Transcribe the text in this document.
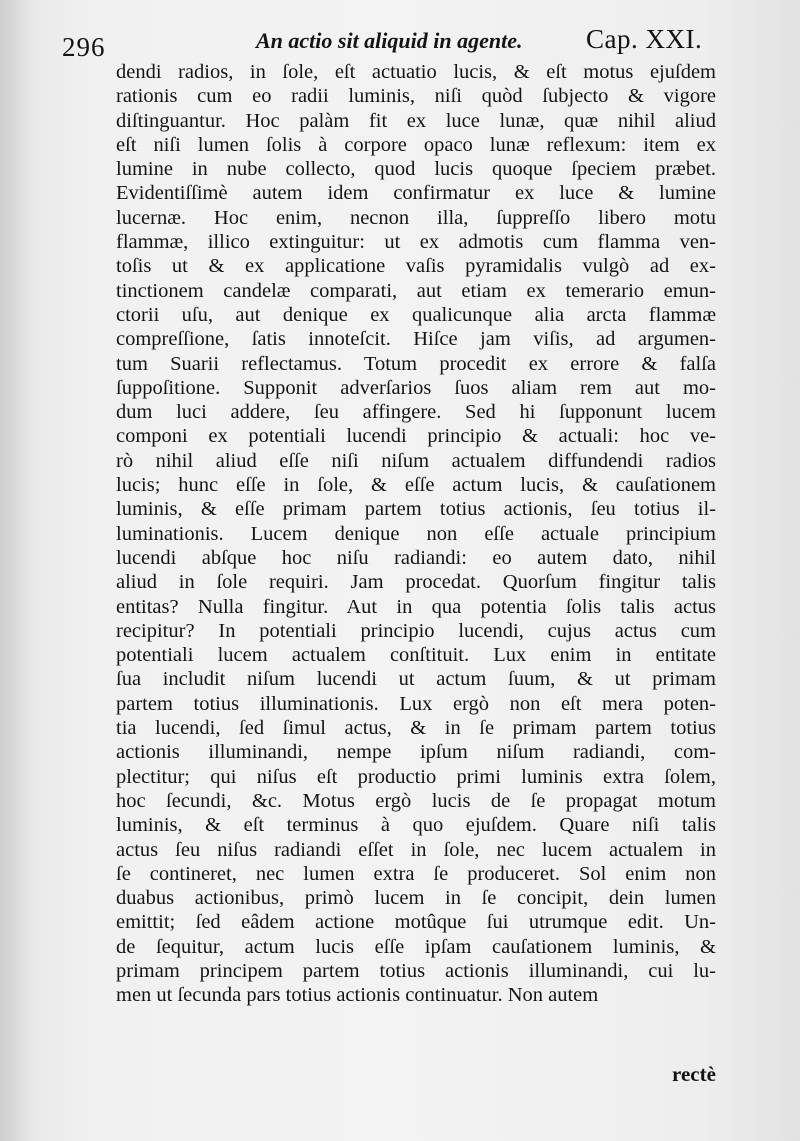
296	An actio sit aliquid in agente. Cap. XXI.
dendi radios, in ſole, eſt actuatio lucis, & eſt motus ejuſdem
rationis cum eo radii luminis, niſi quòd ſubjecto & vigore
diſtinguantur. Hoc palàm fit ex luce lunæ, quæ nihil aliud
eſt niſi lumen ſolis à corpore opaco lunæ reflexum: item ex
lumine in nube collecto, quod lucis quoque ſpeciem præbet.
Evidentiſſimè autem idem confirmatur ex luce & lumine
lucernæ. Hoc enim, necnon illa, ſuppreſſo libero motu
flammæ, illico extinguitur: ut ex admotis cum flamma ven-
toſis ut & ex applicatione vaſis pyramidalis vulgò ad ex-
tinctionem candelæ comparati, aut etiam ex temerario emun-
ctorii uſu, aut denique ex qualicunque alia arcta flammæ
compreſſione, ſatis innoteſcit. Hiſce jam viſis, ad argumen-
tum Suarii reflectamus. Totum procedit ex errore & falſa
ſuppoſitione. Supponit adverſarios ſuos aliam rem aut mo-
dum luci addere, ſeu affingere. Sed hi ſupponunt lucem
componi ex potentiali lucendi principio & actuali: hoc ve-
rò nihil aliud eſſe niſi niſum actualem diffundendi radios
lucis; hunc eſſe in ſole, & eſſe actum lucis, & cauſationem
luminis, & eſſe primam partem totius actionis, ſeu totius il-
luminationis. Lucem denique non eſſe actuale principium
lucendi abſque hoc niſu radiandi: eo autem dato, nihil
aliud in ſole requiri. Jam procedat. Quorſum fingitur talis
entitas? Nulla fingitur. Aut in qua potentia ſolis talis actus
recipitur? In potentiali principio lucendi, cujus actus cum
potentiali lucem actualem conſtituit. Lux enim in entitate
ſua includit niſum lucendi ut actum ſuum, & ut primam
partem totius illuminationis. Lux ergò non eſt mera poten-
tia lucendi, ſed ſimul actus, & in ſe primam partem totius
actionis illuminandi, nempe ipſum niſum radiandi, com-
plectitur; qui niſus eſt productio primi luminis extra ſolem,
hoc ſecundi, &c. Motus ergò lucis de ſe propagat motum
luminis, & eſt terminus à quo ejuſdem. Quare niſi talis
actus ſeu niſus radiandi eſſet in ſole, nec lucem actualem in
ſe contineret, nec lumen extra ſe produceret. Sol enim non
duabus actionibus, primò lucem in ſe concipit, dein lumen
emittit; ſed eâdem actione motûque ſui utrumque edit. Un-
de ſequitur, actum lucis eſſe ipſam cauſationem luminis, &
primam principem partem totius actionis illuminandi, cui lu-
men ut ſecunda pars totius actionis continuatur. Non autem
rectè
